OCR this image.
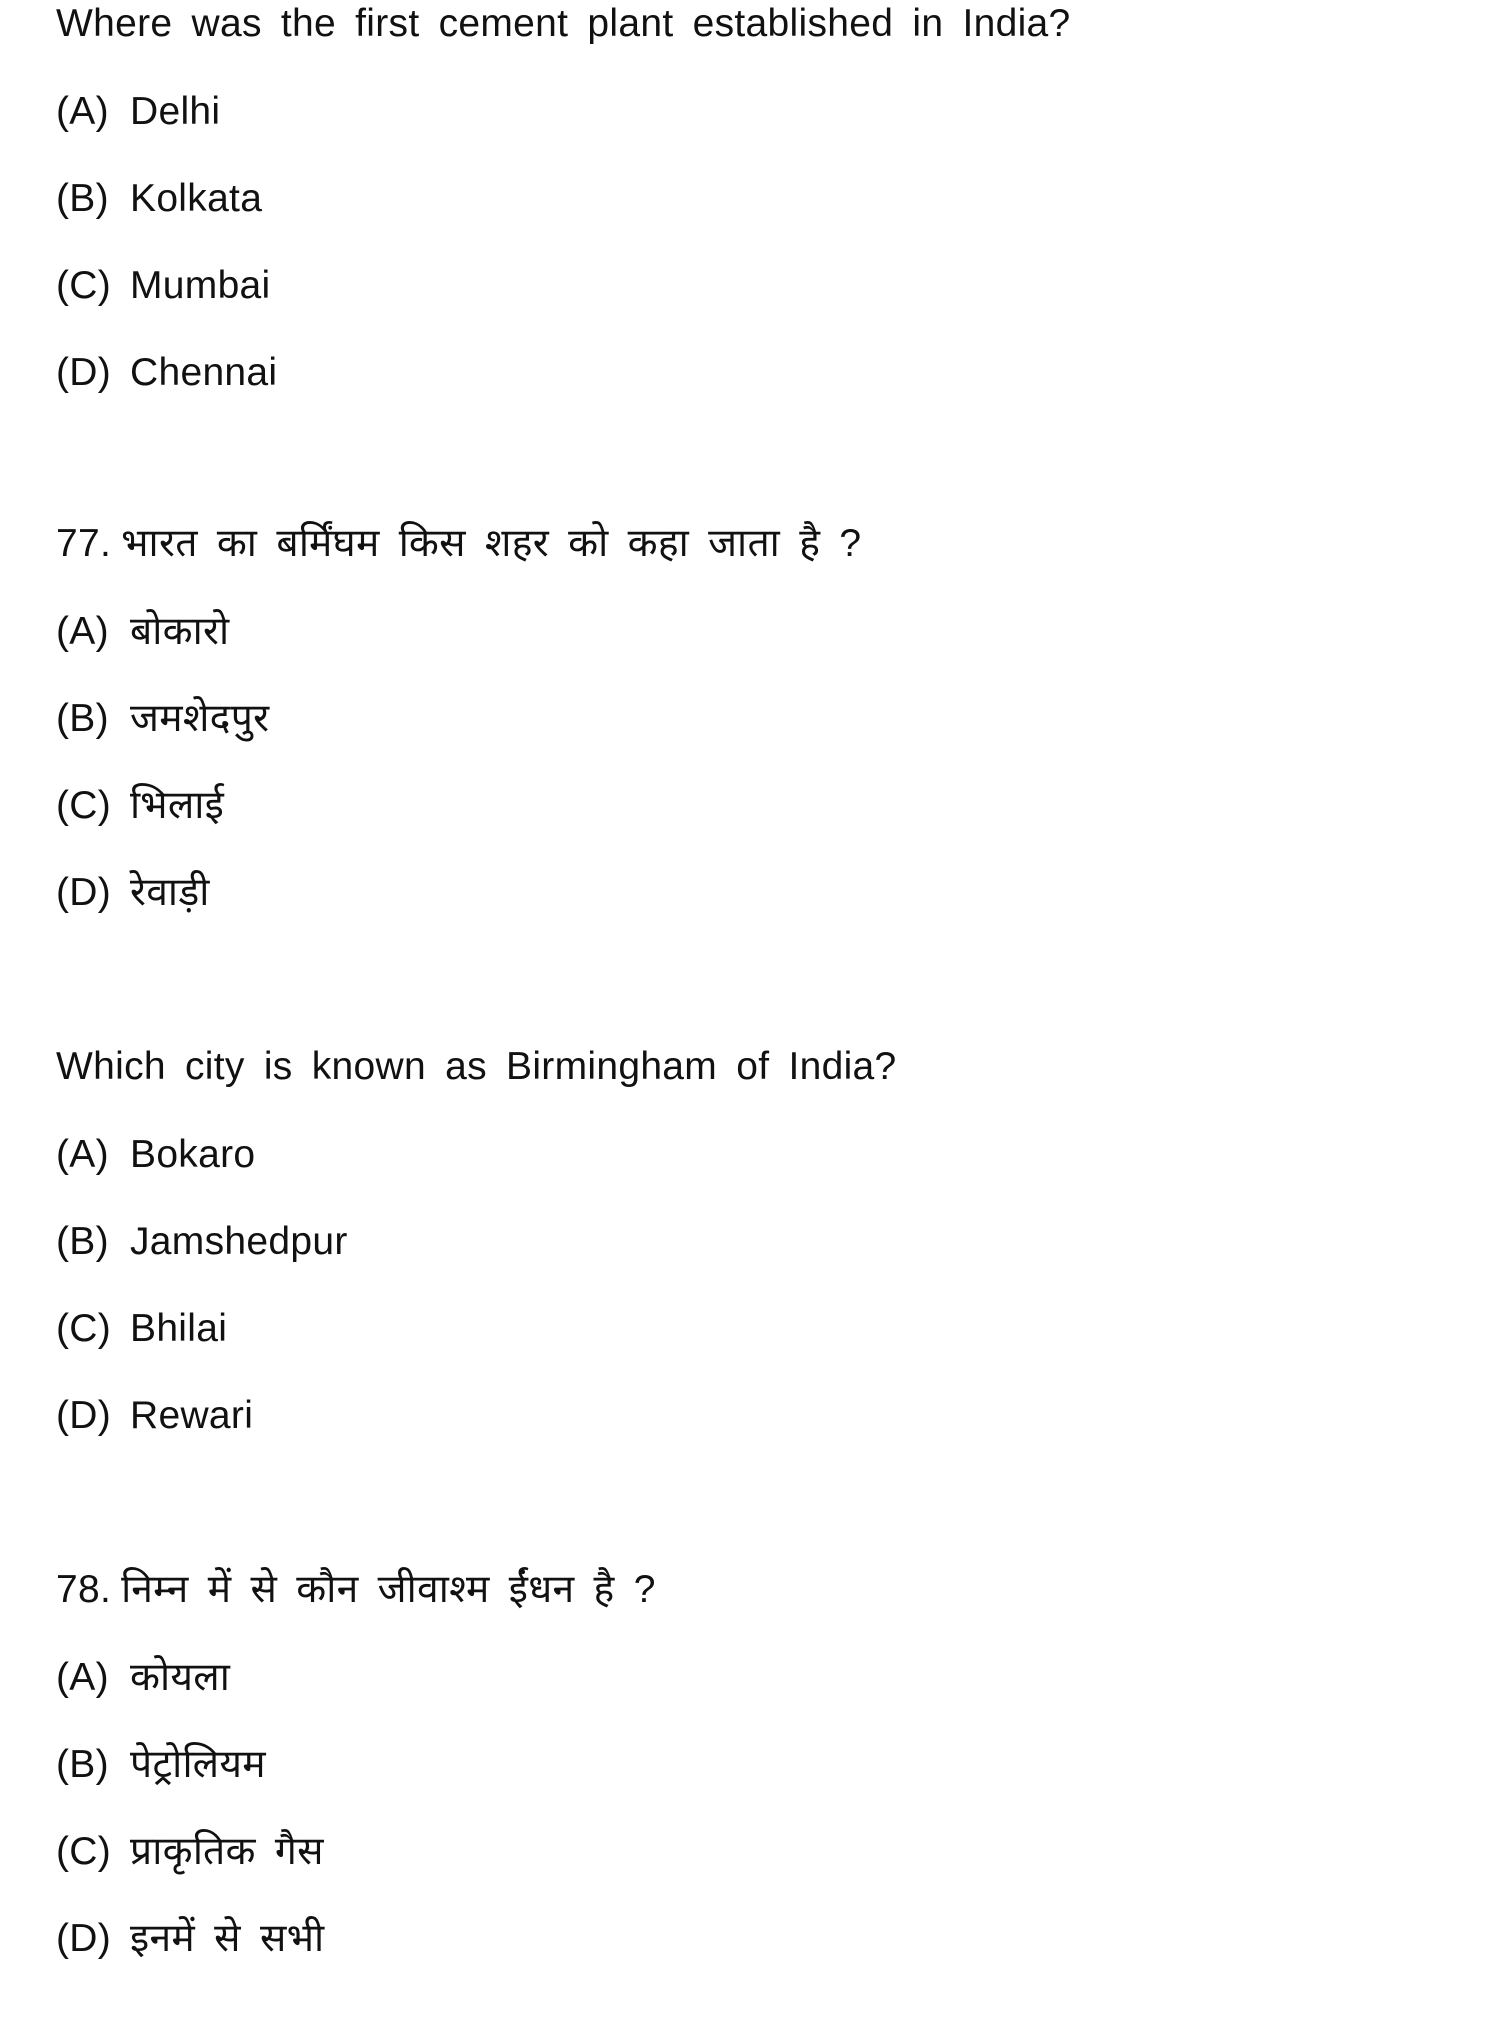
Where was the first cement plant established in India?
(A) Delhi
(B) Kolkata
(C) Mumbai
(D) Chennai
77. भारत का बर्मिंघम किस शहर को कहा जाता है ?
(A) बोकारो
(B) जमशेदपुर
(C) भिलाई
(D) रेवाड़ी
Which city is known as Birmingham of India?
(A) Bokaro
(B) Jamshedpur
(C) Bhilai
(D) Rewari
78. निम्न में से कौन जीवाश्म ईंधन है ?
(A) कोयला
(B) पेट्रोलियम
(C) प्राकृतिक गैस
(D) इनमें से सभी
